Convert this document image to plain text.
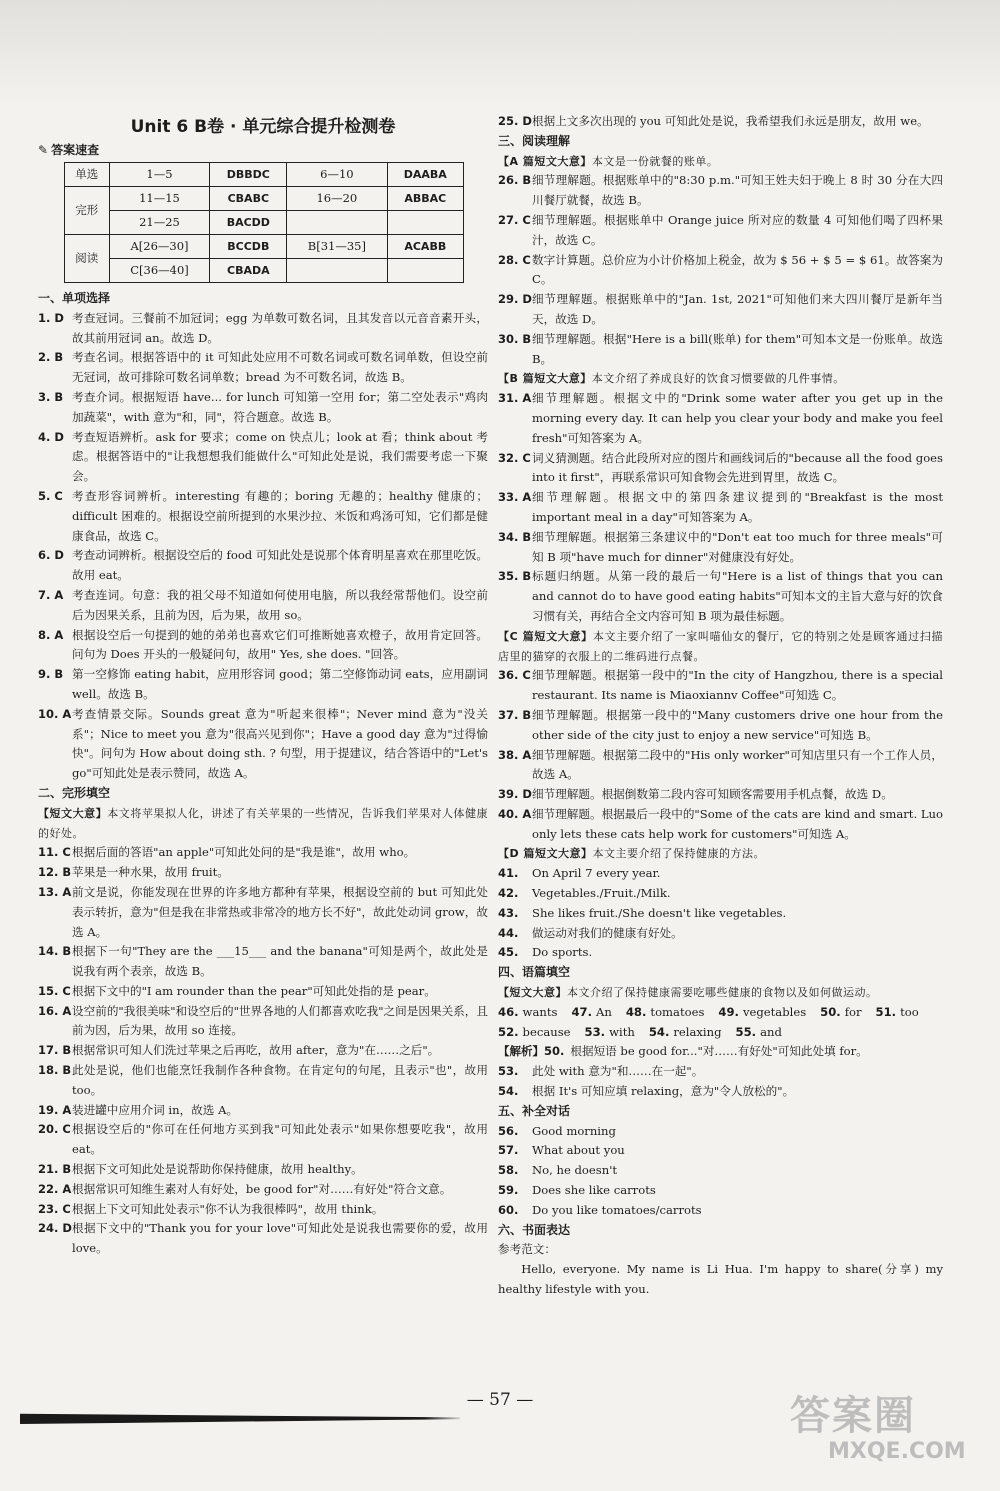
Unit 6 B卷 · 单元综合提升检测卷
✎ 答案速查
单选	1—5	DBBDC	6—10	DAABA
完形	11—15	CBABC	16—20	ABBAC
	21—25	BACDD		
阅读	A[26—30]	BCCDB	B[31—35]	ACABB
	C[36—40]	CBADA		
一、单项选择
1. D 考查冠词。三餐前不加冠词；egg 为单数可数名词，且其发音以元音音素开头，故其前用冠词 an。故选 D。
2. B 考查名词。根据答语中的 it 可知此处应用不可数名词或可数名词单数，但设空前无冠词，故可排除可数名词单数；bread 为不可数名词，故选 B。
3. B 考查介词。根据短语 have... for lunch 可知第一空用 for；第二空处表示"鸡肉加蔬菜"，with 意为"和，同"，符合题意。故选 B。
4. D 考查短语辨析。ask for 要求；come on 快点儿；look at 看；think about 考虑。根据答语中的"让我想想我们能做什么"可知此处是说，我们需要考虑一下聚会。
5. C 考查形容词辨析。interesting 有趣的；boring 无趣的；healthy 健康的；difficult 困难的。根据设空前所提到的水果沙拉、米饭和鸡汤可知，它们都是健康食品，故选 C。
6. D 考查动词辨析。根据设空后的 food 可知此处是说那个体育明星喜欢在那里吃饭。故用 eat。
7. A 考查连词。句意：我的祖父母不知道如何使用电脑，所以我经常帮他们。设空前后为因果关系，且前为因，后为果，故用 so。
8. A 根据设空后一句提到的她的弟弟也喜欢它们可推断她喜欢橙子，故用肯定回答。问句为 Does 开头的一般疑问句，故用" Yes, she does. "回答。
9. B 第一空修饰 eating habit，应用形容词 good；第二空修饰动词 eats，应用副词 well。故选 B。
10. A 考查情景交际。Sounds great 意为"听起来很棒"；Never mind 意为"没关系"；Nice to meet you 意为"很高兴见到你"；Have a good day 意为"过得愉快"。问句为 How about doing sth. ? 句型，用于提建议，结合答语中的"Let's go"可知此处是表示赞同，故选 A。
二、完形填空
【短文大意】本文将苹果拟人化，讲述了有关苹果的一些情况，告诉我们苹果对人体健康的好处。
11. C 根据后面的答语"an apple"可知此处问的是"我是谁"，故用 who。
12. B 苹果是一种水果，故用 fruit。
13. A 前文是说，你能发现在世界的许多地方都种有苹果，根据设空前的 but 可知此处表示转折，意为"但是我在非常热或非常冷的地方长不好"，故此处动词 grow，故选 A。
14. B 根据下一句"They are the ___15___ and the banana"可知是两个，故此处是说我有两个表亲，故选 B。
15. C 根据下文中的"I am rounder than the pear"可知此处指的是 pear。
16. A 设空前的"我很美味"和设空后的"世界各地的人们都喜欢吃我"之间是因果关系，且前为因，后为果，故用 so 连接。
17. B 根据常识可知人们洗过苹果之后再吃，故用 after，意为"在……之后"。
18. B 此处是说，他们也能烹饪我制作各种食物。在肯定句的句尾，且表示"也"，故用 too。
19. A 装进罐中应用介词 in，故选 A。
20. C 根据设空后的"你可在任何地方买到我"可知此处表示"如果你想要吃我"，故用 eat。
21. B 根据下文可知此处是说帮助你保持健康，故用 healthy。
22. A 根据常识可知维生素对人有好处，be good for"对……有好处"符合文意。
23. C 根据上下文可知此处表示"你不认为我很棒吗"，故用 think。
24. D 根据下文中的"Thank you for your love"可知此处是说我也需要你的爱，故用 love。
25. D 根据上文多次出现的 you 可知此处是说，我希望我们永远是朋友，故用 we。
三、阅读理解
【A 篇短文大意】本文是一份就餐的账单。
26. B 细节理解题。根据账单中的"8:30 p.m."可知王姓夫妇于晚上 8 时 30 分在大四川餐厅就餐，故选 B。
27. C 细节理解题。根据账单中 Orange juice 所对应的数量 4 可知他们喝了四杯果汁，故选 C。
28. C 数字计算题。总价应为小计价格加上税金，故为 $ 56 + $ 5 = $ 61。故答案为 C。
29. D 细节理解题。根据账单中的"Jan. 1st, 2021"可知他们来大四川餐厅是新年当天，故选 D。
30. B 细节理解题。根据"Here is a bill(账单) for them"可知本文是一份账单。故选 B。
【B 篇短文大意】本文介绍了养成良好的饮食习惯要做的几件事情。
31. A 细节理解题。根据文中的"Drink some water after you get up in the morning every day. It can help you clear your body and make you feel fresh"可知答案为 A。
32. C 词义猜测题。结合此段所对应的图片和画线词后的"because all the food goes into it first"，再联系常识可知食物会先进到胃里，故选 C。
33. A 细节理解题。根据文中的第四条建议提到的"Breakfast is the most important meal in a day"可知答案为 A。
34. B 细节理解题。根据第三条建议中的"Don't eat too much for three meals"可知 B 项"have much for dinner"对健康没有好处。
35. B 标题归纳题。从第一段的最后一句"Here is a list of things that you can and cannot do to have good eating habits"可知本文的主旨大意与好的饮食习惯有关，再结合全文内容可知 B 项为最佳标题。
【C 篇短文大意】本文主要介绍了一家叫喵仙女的餐厅，它的特别之处是顾客通过扫描店里的猫穿的衣服上的二维码进行点餐。
36. C 细节理解题。根据第一段中的"In the city of Hangzhou, there is a special restaurant. Its name is Miaoxiannv Coffee"可知选 C。
37. B 细节理解题。根据第一段中的"Many customers drive one hour from the other side of the city just to enjoy a new service"可知选 B。
38. A 细节理解题。根据第二段中的"His only worker"可知店里只有一个工作人员，故选 A。
39. D 细节理解题。根据倒数第二段内容可知顾客需要用手机点餐，故选 D。
40. A 细节理解题。根据最后一段中的"Some of the cats are kind and smart. Luo only lets these cats help work for customers"可知选 A。
【D 篇短文大意】本文主要介绍了保持健康的方法。
41.	On April 7 every year.
42.	Vegetables./Fruit./Milk.
43.	She likes fruit./She doesn't like vegetables.
44.	做运动对我们的健康有好处。
45.	Do sports.
四、语篇填空
【短文大意】本文介绍了保持健康需要吃哪些健康的食物以及如何做运动。
46. wants 47. An 48. tomatoes 49. vegetables 50. for 51. too
52. because 53. with 54. relaxing 55. and
【解析】50. 根据短语 be good for..."对……有好处"可知此处填 for。
53.	此处 with 意为"和……在一起"。
54.	根据 It's 可知应填 relaxing，意为"令人放松的"。
五、补全对话
56.	Good morning
57.	What about you
58.	No, he doesn't
59.	Does she like carrots
60.	Do you like tomatoes/carrots
六、书面表达
参考范文：
Hello, everyone. My name is Li Hua. I'm happy to share(分享) my healthy lifestyle with you.
— 57 —	答案圈
MXQE.COM
